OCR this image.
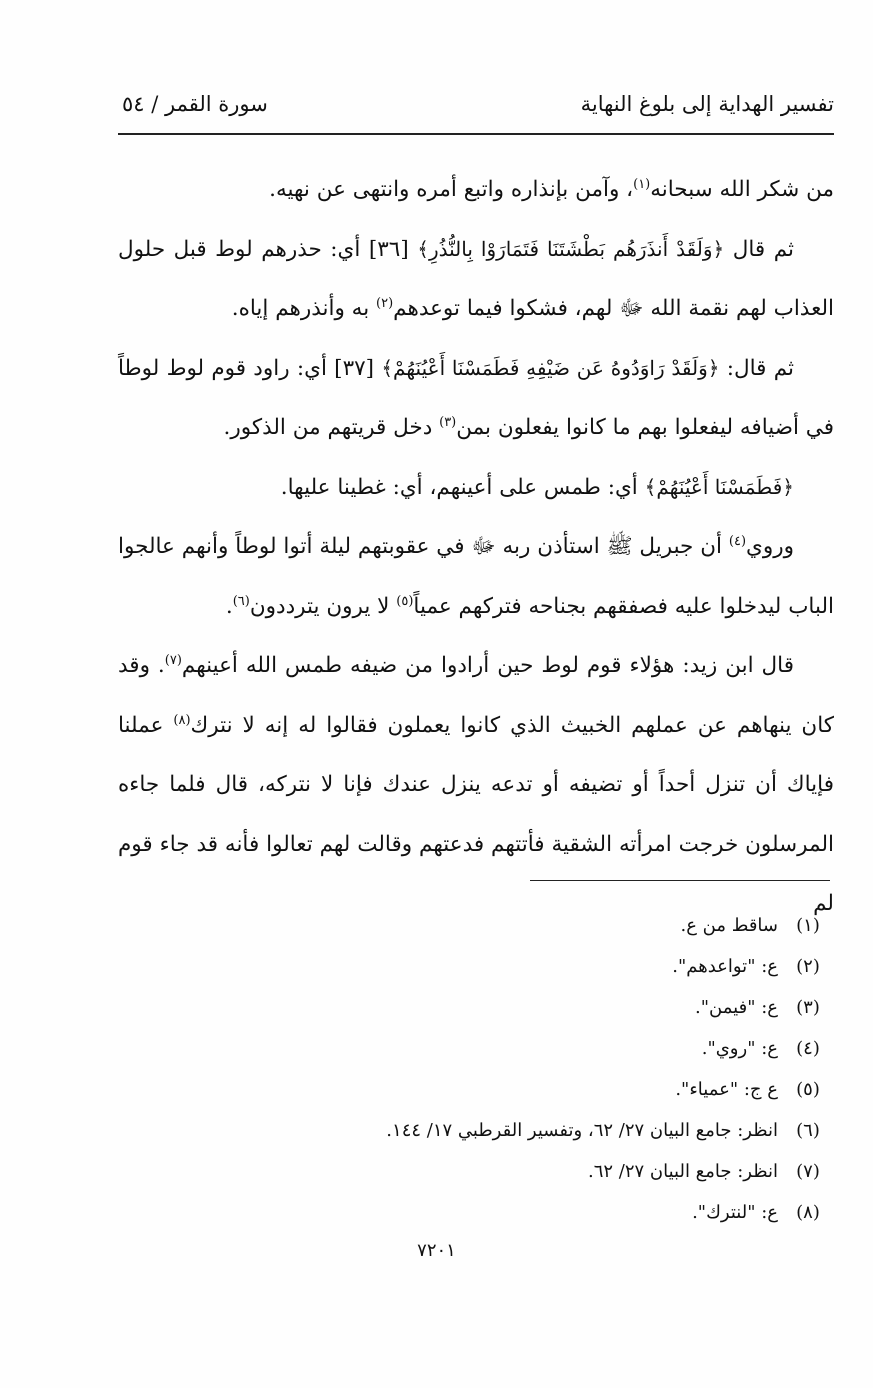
تفسير الهداية إلى بلوغ النهاية
سورة القمر / ٥٤

من شكر الله سبحانه$^{(١)}$، وآمن بإنذاره واتبع أمره وانتهى عن نهيه.

ثم قال ﴿وَلَقَدْ أَنذَرَهُم بَطْشَتَنَا فَتَمَارَوْا بِالنُّذُرِ﴾ [٣٦] أي: حذرهم لوط قبل حلول العذاب لهم نقمة الله ﷻ لهم، فشكوا فيما توعدهم$^{(٢)}$ به وأنذرهم إياه.

ثم قال: ﴿وَلَقَدْ رَاوَدُوهُ عَن ضَيْفِهِ فَطَمَسْنَا أَعْيُنَهُمْ﴾ [٣٧] أي: راود قوم لوط لوطاً في أضيافه ليفعلوا بهم ما كانوا يفعلون بمن$^{(٣)}$ دخل قريتهم من الذكور.

﴿فَطَمَسْنَا أَعْيُنَهُمْ﴾ أي: طمس على أعينهم، أي: غطينا عليها.

وروي$^{(٤)}$ أن جبريل ﷺ استأذن ربه ﷻ في عقوبتهم ليلة أتوا لوطاً وأنهم عالجوا الباب ليدخلوا عليه فصفقهم بجناحه فتركهم عمياً$^{(٥)}$ لا يرون يترددون$^{(٦)}$.

قال ابن زيد: هؤلاء قوم لوط حين أرادوا من ضيفه طمس الله أعينهم$^{(٧)}$. وقد كان ينهاهم عن عملهم الخبيث الذي كانوا يعملون فقالوا له إنه لا نترك$^{(٨)}$ عملنا فإياك أن تنزل أحداً أو تضيفه أو تدعه ينزل عندك فإنا لا نتركه، قال فلما جاءه المرسلون خرجت امرأته الشقية فأتتهم فدعتهم وقالت لهم تعالوا فأنه قد جاء قوم لم

(١)ساقط من ع.
(٢)ع: "تواعدهم".
(٣)ع: "فيمن".
(٤)ع: "روي".
(٥)ع ج: "عمياء".
(٦)انظر: جامع البيان ٢٧/ ٦٢، وتفسير القرطبي ١٧/ ١٤٤.
(٧)انظر: جامع البيان ٢٧/ ٦٢.
(٨)ع: "لنترك".
٧٢٠١
